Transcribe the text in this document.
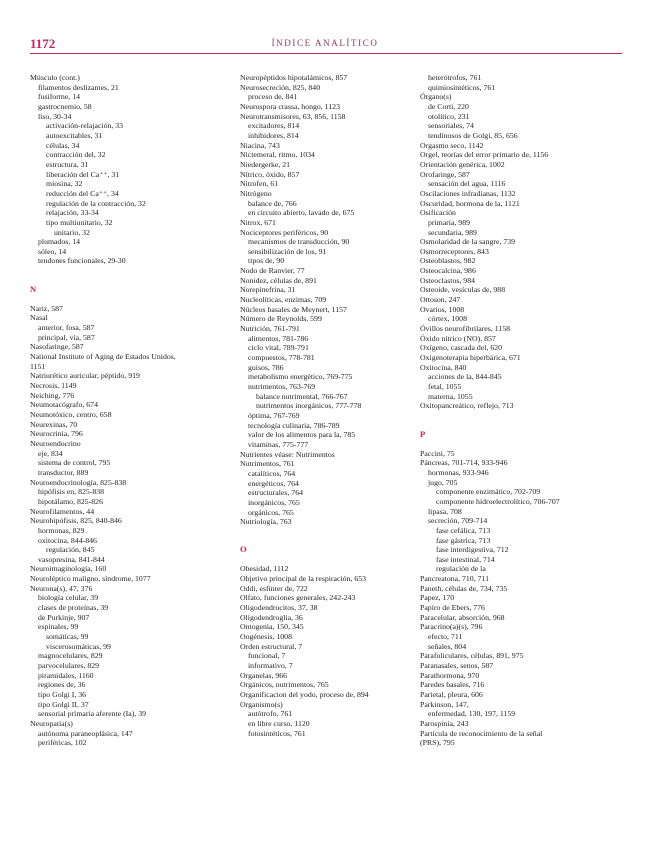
1172	ÍNDICE ANALÍTICO
Músculo (cont.)
filamentos deslizantes, 21
fusiforme, 14
gastrocnemio, 58
liso, 30-34
activación-relajación, 33
autoexcitables, 31
células, 34
contracción del, 32
estructura, 31
liberación del Ca⁺⁺, 31
miosina, 32
reducción del Ca⁺⁺, 34
regulación de la contracción, 32
relajación, 33-34
tipo multiunitario, 32
unitario, 32
plumados, 14
sóleo, 14
tendones funcionales, 29-30
N
Nariz, 587
Nasal
anterior, fosa, 587
principal, vía, 587
Nasofaringe, 587
National Institute of Aging de Estados Unidos,
1151
Natriurético auricular, péptido, 919
Necrosis, 1149
Neiching, 776
Neumotacógrafo, 674
Neumotóxico, centro, 658
Neurexinas, 70
Neurocrinia, 796
Neuroendocrino
eje, 834
sistema de control, 795
transductor, 889
Neuroendocrinología, 825-838
hipófisis en, 825-838
hipotálamo, 825-826
Neurofilamentos, 44
Neurohipófisis, 825, 840-846
hormonas, 829
oxitocina, 844-846
regulación, 845
vasopresina, 841-844
Neuroimaginología, 160
Neuroléptico maligno, síndrome, 1077
Neurona(s), 47, 376
biología celular, 39
clases de proteínas, 39
de Purkinje, 907
espinales, 99
somáticas, 99
viscerosomáticas, 99
magnocelulares, 829
parvocelulares, 829
piramidales, 1160
regiones de, 36
tipo Golgi I, 36
tipo Golgi II, 37
sensorial primaria aferente (Ia), 39
Neuropatía(s)
autónoma paraneoplásica, 147
periféricas, 102
Neuropéptidos hipotalámicos, 857
Neurosecreción, 825, 840
proceso de, 841
Neurospora crassa, hongo, 1123
Neurotransmisores, 63, 856, 1158
excitadores, 814
inhibidores, 814
Niacina, 743
Nictemeral, ritmo, 1034
Niedergerke, 21
Nítrico, óxido, 857
Nitrofen, 61
Nitrógeno
balance de, 766
en circuito abierto, lavado de, 675
Nitrox, 671
Nociceptores periféricos, 90
mecanismos de transducción, 90
sensibilización de los, 91
tipos de, 90
Nodo de Ranvier, 77
Nonidez, células de, 891
Norepinefrina, 31
Nucleolíticas, enzimas, 709
Núcleos basales de Meynert, 1157
Número de Reynolds, 599
Nutrición, 761-791
alimentos, 781-786
ciclo vital, 789-791
compuestos, 778-781
guisos, 786
metabolismo energético, 769-775
nutrimentos, 763-769
balance nutrimental, 766-767
nutrimentos inorgánicos, 777-778
óptima, 767-769
tecnología culinaria, 786-789
valor de los alimentos para la, 785
vitaminas, 775-777
Nutrientes véase: Nutrimentos
Nutrimentos, 761
catalíticos, 764
energéticos, 764
estructurales, 764
inorgánicos, 765
orgánicos, 765
Nutriología, 763
O
Obesidad, 1112
Objetivo principal de la respiración, 653
Oddi, esfínter de, 722
Olfato, funciones generales, 242-243
Oligodendrocitos, 37, 38
Oligodendroglia, 36
Ontogenia, 150, 345
Oogénesis, 1008
Orden estructural, 7
funcional, 7
informativo, 7
Organelas, 966
Orgánicos, nutrimentos, 765
Organificacion del yodo, proceso de, 894
Organismo(s)
autótrofo, 761
en libre curso, 1120
fotosintéticos, 761
heterótrofos, 761
quimiosintéticos, 761
Órgano(s)
de Corti, 220
otolítico, 231
sensoriales, 74
tendinosos de Golgi, 85, 656
Orgasmo seco, 1142
Orgel, teorías del error primario de, 1156
Orientación genérica, 1002
Orofaringe, 587
sensación del agua, 1116
Oscilaciones infradianas, 1132
Oscuridad, hormona de la, 1121
Osificación
primaria, 989
secundaria, 989
Osmolaridad de la sangre, 739
Osmorreceptores, 843
Osteoblastos, 982
Osteocalcina, 986
Osteoclastos, 984
Osteoide, vesículas de, 988
Ottoson, 247
Ovarios, 1008
córtex, 1008
Óvillos neurofibrilares, 1158
Óxido nítrico (NO), 857
Oxígeno, cascada del, 620
Oxigenoterapia hiperbárica, 671
Oxitocina, 840
acciones de la, 844-845
fetal, 1055
materna, 1055
Oxitopancreático, reflejo, 713
P
Paccini, 75
Páncreas, 701-714, 933-946
hormonas, 933-946
jugo, 705
componente enzimático, 702-709
componente hidroelectrolítico, 706-707
lipasa, 708
secreción, 709-714
fase cefálica, 713
fase gástrica, 713
fase interdigestiva, 712
fase intestinal, 714
regulación de la
Pancreatona, 710, 711
Paneth, células de, 734, 735
Papez, 170
Papiro de Ebers, 776
Paracelular, absorción, 968
Paracrino(a)(s), 796
efecto, 711
señales, 804
Parafoliculares, células, 891, 975
Paranasales, senos, 587
Parathormona, 970
Paredes basales, 716
Parietal, pleura, 606
Parkinson, 147,
enfermedad, 130, 197, 1159
Parospinia, 243
Partícula de reconocimiento de la señal
(PRS), 795
